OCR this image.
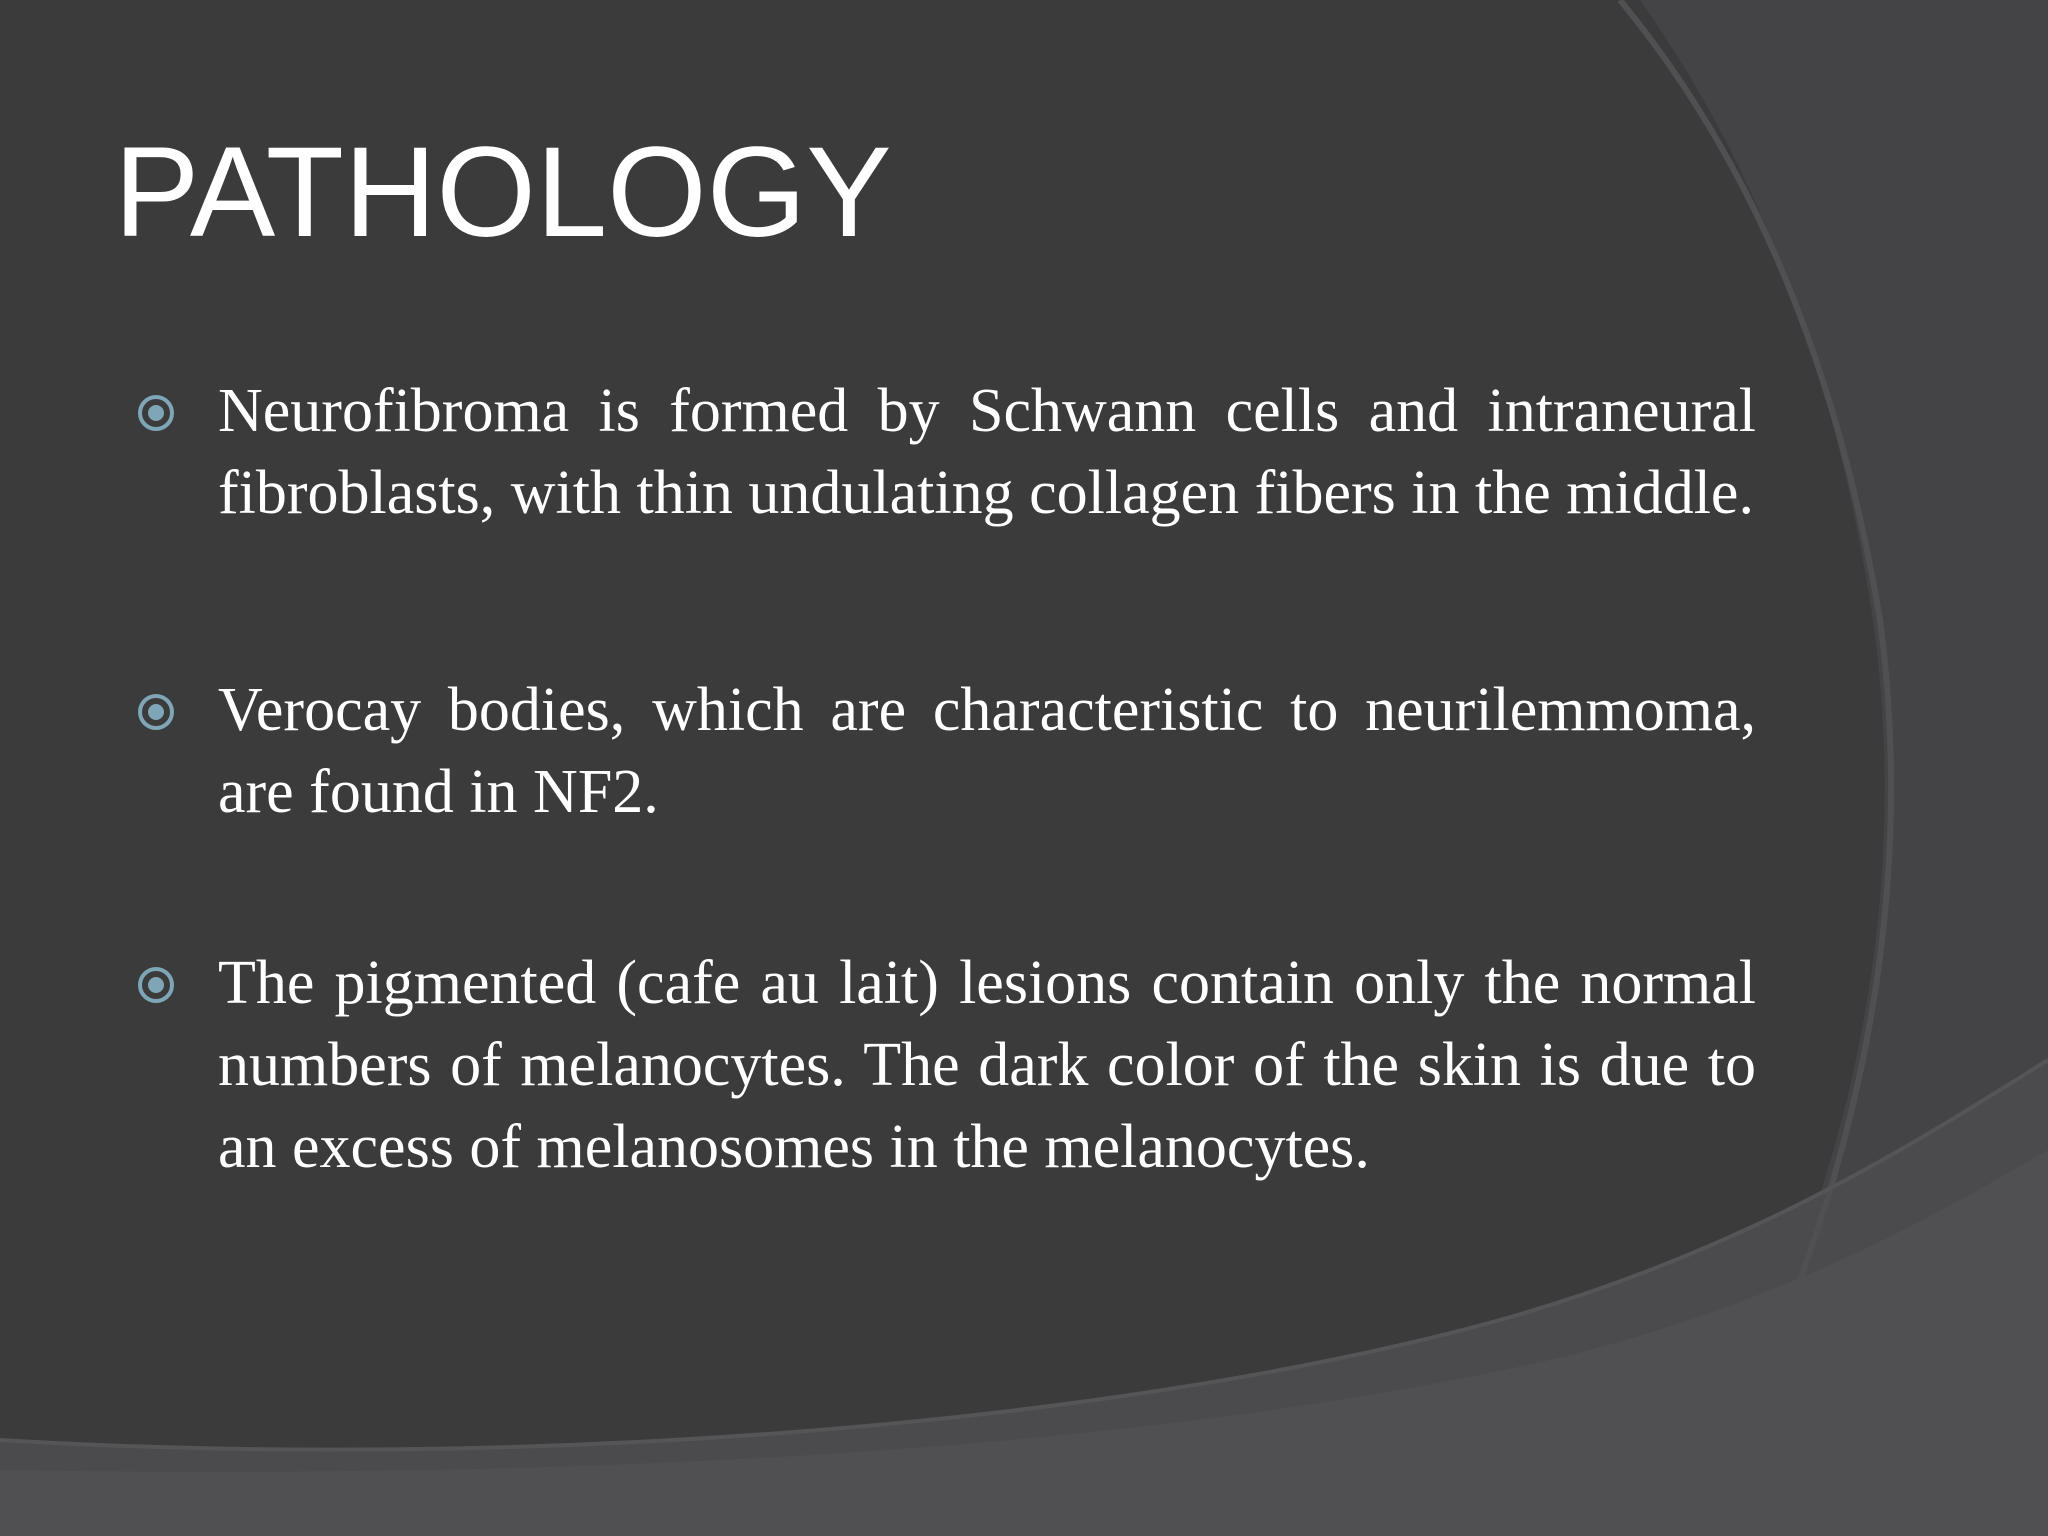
PATHOLOGY
Neurofibroma is formed by Schwann cells and intraneural fibroblasts, with thin undulating collagen fibers in the middle.
Verocay bodies, which are characteristic to neurilemmoma, are found in NF2.
The pigmented (cafe au lait) lesions contain only the normal numbers of melanocytes. The dark color of the skin is due to an excess of melanosomes in the melanocytes.
